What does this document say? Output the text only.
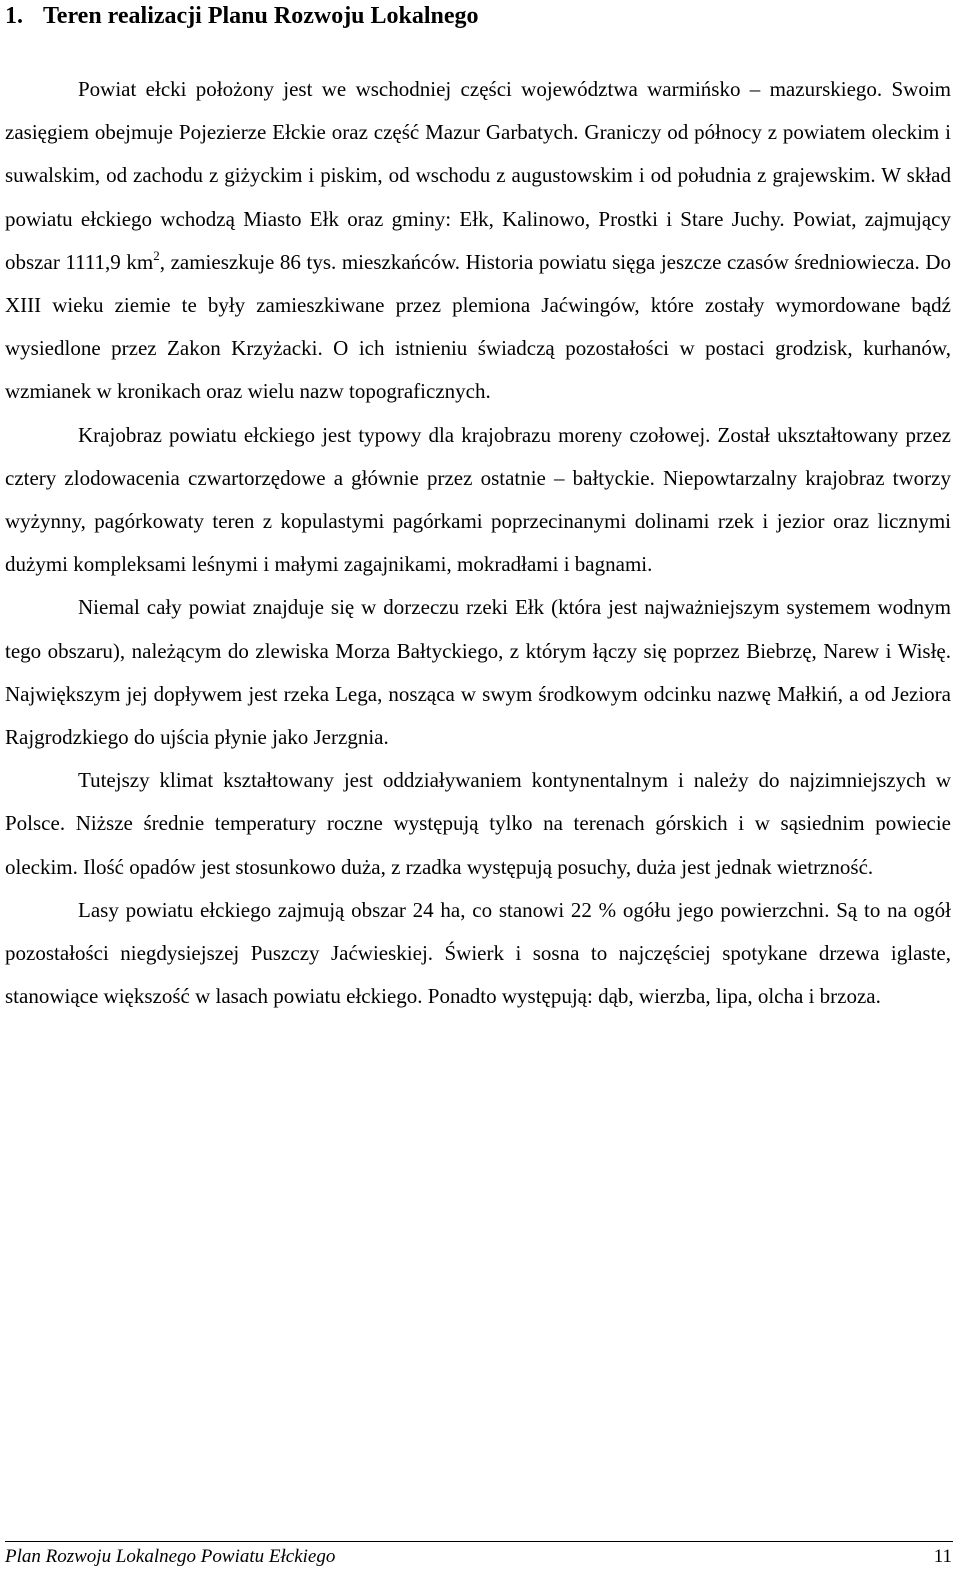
1. Teren realizacji Planu Rozwoju Lokalnego

Powiat ełcki położony jest we wschodniej części województwa warmińsko – mazurskiego. Swoim zasięgiem obejmuje Pojezierze Ełckie oraz część Mazur Garbatych. Graniczy od północy z powiatem oleckim i suwalskim, od zachodu z giżyckim i piskim, od wschodu z augustowskim i od południa z grajewskim. W skład powiatu ełckiego wchodzą Miasto Ełk oraz gminy: Ełk, Kalinowo, Prostki i Stare Juchy. Powiat, zajmujący obszar 1111,9 $km^2$, zamieszkuje 86 tys. mieszkańców. Historia powiatu sięga jeszcze czasów średniowiecza. Do XIII wieku ziemie te były zamieszkiwane przez plemiona Jaćwingów, które zostały wymordowane bądź wysiedlone przez Zakon Krzyżacki. O ich istnieniu świadczą pozostałości w postaci grodzisk, kurhanów, wzmianek w kronikach oraz wielu nazw topograficznych.

Krajobraz powiatu ełckiego jest typowy dla krajobrazu moreny czołowej. Został ukształtowany przez cztery zlodowacenia czwartorzędowe a głównie przez ostatnie – bałtyckie. Niepowtarzalny krajobraz tworzy wyżynny, pagórkowaty teren z kopulastymi pagórkami poprzecinanymi dolinami rzek i jezior oraz licznymi dużymi kompleksami leśnymi i małymi zagajnikami, mokradłami i bagnami.

Niemal cały powiat znajduje się w dorzeczu rzeki Ełk (która jest najważniejszym systemem wodnym tego obszaru), należącym do zlewiska Morza Bałtyckiego, z którym łączy się poprzez Biebrzę, Narew i Wisłę. Największym jej dopływem jest rzeka Lega, nosząca w swym środkowym odcinku nazwę Małkiń, a od Jeziora Rajgrodzkiego do ujścia płynie jako Jerzgnia.

Tutejszy klimat kształtowany jest oddziaływaniem kontynentalnym i należy do najzimniejszych w Polsce. Niższe średnie temperatury roczne występują tylko na terenach górskich i w sąsiednim powiecie oleckim. Ilość opadów jest stosunkowo duża, z rzadka występują posuchy, duża jest jednak wietrzność.

Lasy powiatu ełckiego zajmują obszar 24 ha, co stanowi 22 % ogółu jego powierzchni. Są to na ogół pozostałości niegdysiejszej Puszczy Jaćwieskiej. Świerk i sosna to najczęściej spotykane drzewa iglaste, stanowiące większość w lasach powiatu ełckiego. Ponadto występują: dąb, wierzba, lipa, olcha i brzoza.

Plan Rozwoju Lokalnego Powiatu Ełckiego	11
